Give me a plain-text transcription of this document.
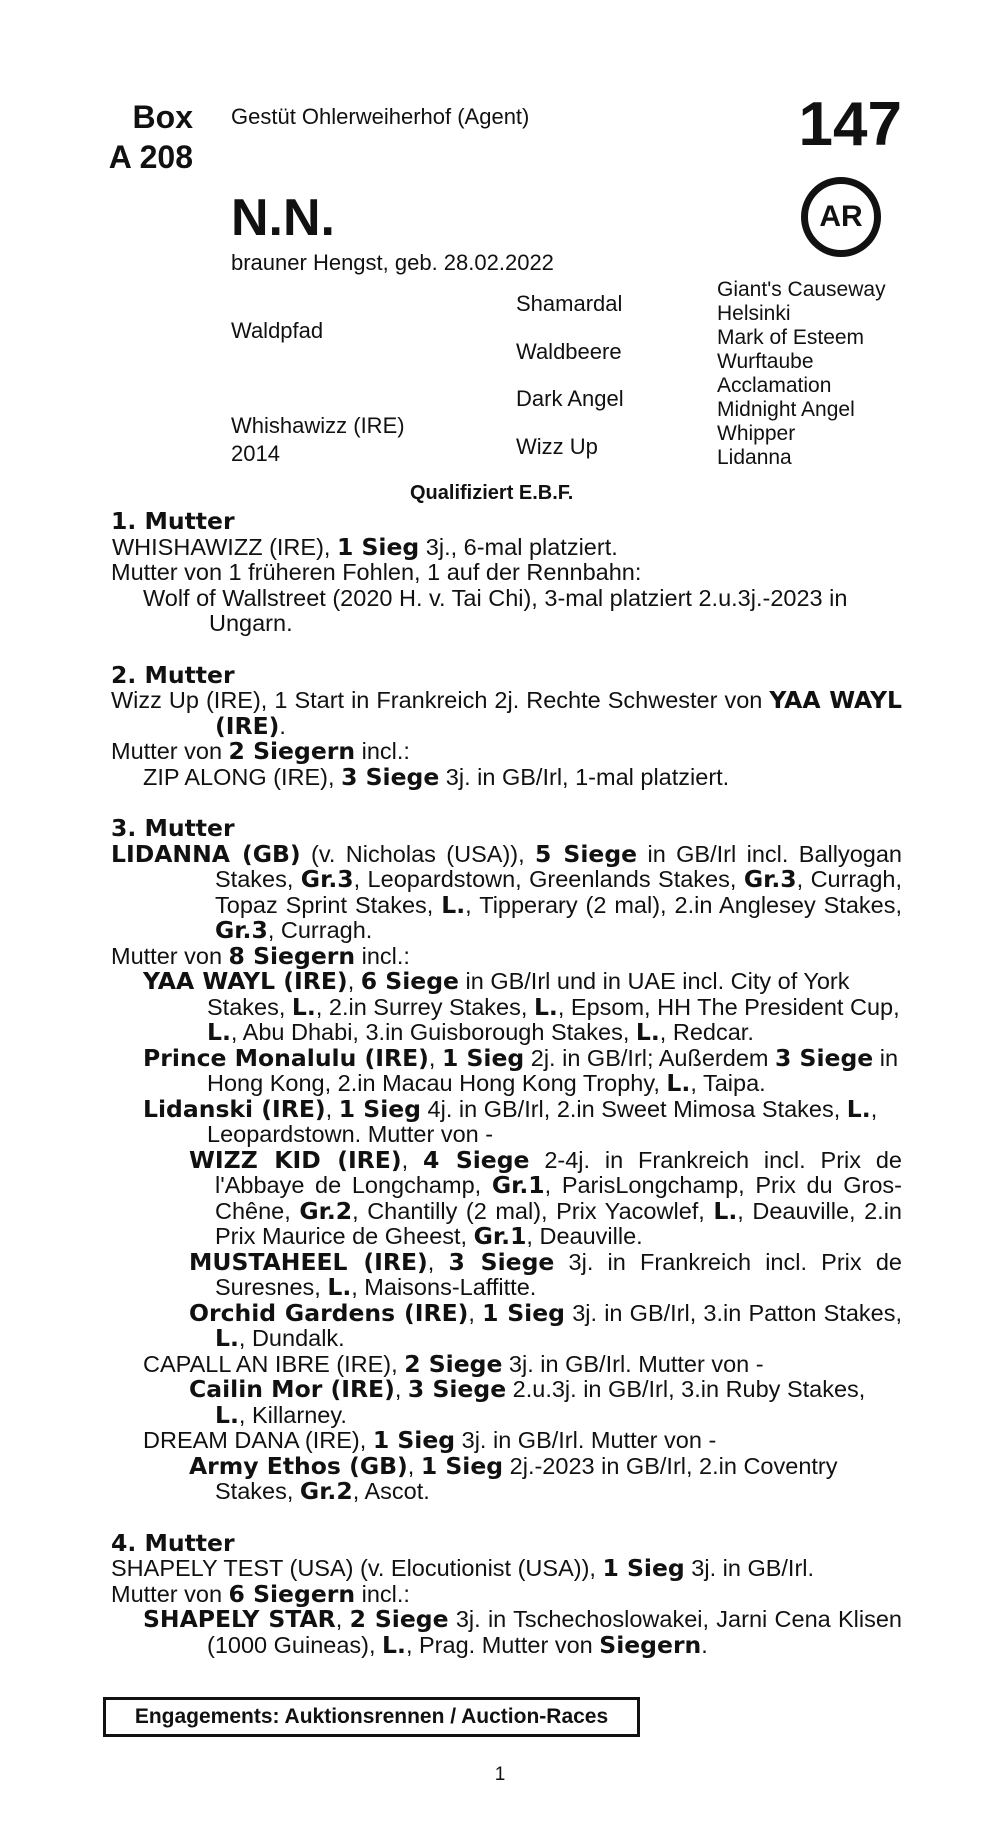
Box
A 208
Gestüt Ohlerweiherhof (Agent)	147
AR
N.N.
brauner Hengst, geb. 28.02.2022
Waldpfad
Whishawizz (IRE)
2014
Shamardal
Waldbeere
Dark Angel
Wizz Up
Giant's Causeway
Helsinki
Mark of Esteem
Wurftaube
Acclamation
Midnight Angel
Whipper
Lidanna
Qualifiziert E.B.F.
1. Mutter
WHISHAWIZZ (IRE), 1 Sieg 3j., 6-mal platziert.
Mutter von 1 früheren Fohlen, 1 auf der Rennbahn:
Wolf of Wallstreet (2020 H. v. Tai Chi), 3-mal platziert 2.u.3j.-2023 in Ungarn.
2. Mutter
Wizz Up (IRE), 1 Start in Frankreich 2j. Rechte Schwester von YAA WAYL (IRE).
Mutter von 2 Siegern incl.:
ZIP ALONG (IRE), 3 Siege 3j. in GB/Irl, 1-mal platziert.
3. Mutter
LIDANNA (GB) (v. Nicholas (USA)), 5 Siege in GB/Irl incl. Ballyogan Stakes, Gr.3, Leopardstown, Greenlands Stakes, Gr.3, Curragh, Topaz Sprint Stakes, L., Tipperary (2 mal), 2.in Anglesey Stakes, Gr.3, Curragh.
Mutter von 8 Siegern incl.:
YAA WAYL (IRE), 6 Siege in GB/Irl und in UAE incl. City of York Stakes, L., 2.in Surrey Stakes, L., Epsom, HH The President Cup, L., Abu Dhabi, 3.in Guisborough Stakes, L., Redcar.
Prince Monalulu (IRE), 1 Sieg 2j. in GB/Irl; Außerdem 3 Siege in Hong Kong, 2.in Macau Hong Kong Trophy, L., Taipa.
Lidanski (IRE), 1 Sieg 4j. in GB/Irl, 2.in Sweet Mimosa Stakes, L., Leopardstown. Mutter von -
WIZZ KID (IRE), 4 Siege 2-4j. in Frankreich incl. Prix de l'Abbaye de Longchamp, Gr.1, ParisLongchamp, Prix du Gros-Chêne, Gr.2, Chantilly (2 mal), Prix Yacowlef, L., Deauville, 2.in Prix Maurice de Gheest, Gr.1, Deauville.
MUSTAHEEL (IRE), 3 Siege 3j. in Frankreich incl. Prix de Suresnes, L., Maisons-Laffitte.
Orchid Gardens (IRE), 1 Sieg 3j. in GB/Irl, 3.in Patton Stakes, L., Dundalk.
CAPALL AN IBRE (IRE), 2 Siege 3j. in GB/Irl. Mutter von -
Cailin Mor (IRE), 3 Siege 2.u.3j. in GB/Irl, 3.in Ruby Stakes, L., Killarney.
DREAM DANA (IRE), 1 Sieg 3j. in GB/Irl. Mutter von -
Army Ethos (GB), 1 Sieg 2j.-2023 in GB/Irl, 2.in Coventry Stakes, Gr.2, Ascot.
4. Mutter
SHAPELY TEST (USA) (v. Elocutionist (USA)), 1 Sieg 3j. in GB/Irl.
Mutter von 6 Siegern incl.:
SHAPELY STAR, 2 Siege 3j. in Tschechoslowakei, Jarni Cena Klisen (1000 Guineas), L., Prag. Mutter von Siegern.
Engagements: Auktionsrennen / Auction-Races
1
